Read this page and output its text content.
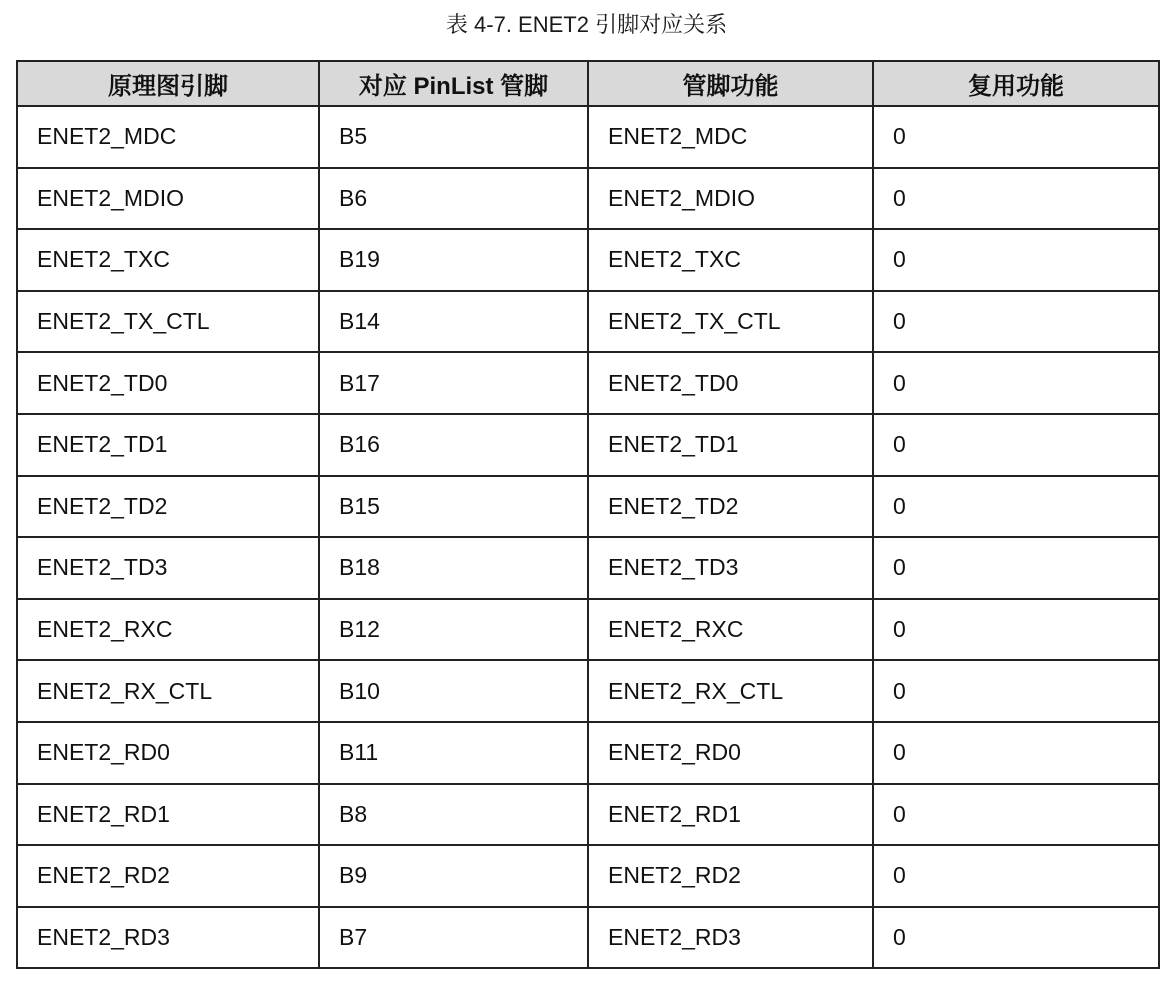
表 4-7. ENET2 引脚对应关系
原理图引脚	对应 PinList 管脚	管脚功能	复用功能
ENET2_MDC	B5	ENET2_MDC	0
ENET2_MDIO	B6	ENET2_MDIO	0
ENET2_TXC	B19	ENET2_TXC	0
ENET2_TX_CTL	B14	ENET2_TX_CTL	0
ENET2_TD0	B17	ENET2_TD0	0
ENET2_TD1	B16	ENET2_TD1	0
ENET2_TD2	B15	ENET2_TD2	0
ENET2_TD3	B18	ENET2_TD3	0
ENET2_RXC	B12	ENET2_RXC	0
ENET2_RX_CTL	B10	ENET2_RX_CTL	0
ENET2_RD0	B11	ENET2_RD0	0
ENET2_RD1	B8	ENET2_RD1	0
ENET2_RD2	B9	ENET2_RD2	0
ENET2_RD3	B7	ENET2_RD3	0
